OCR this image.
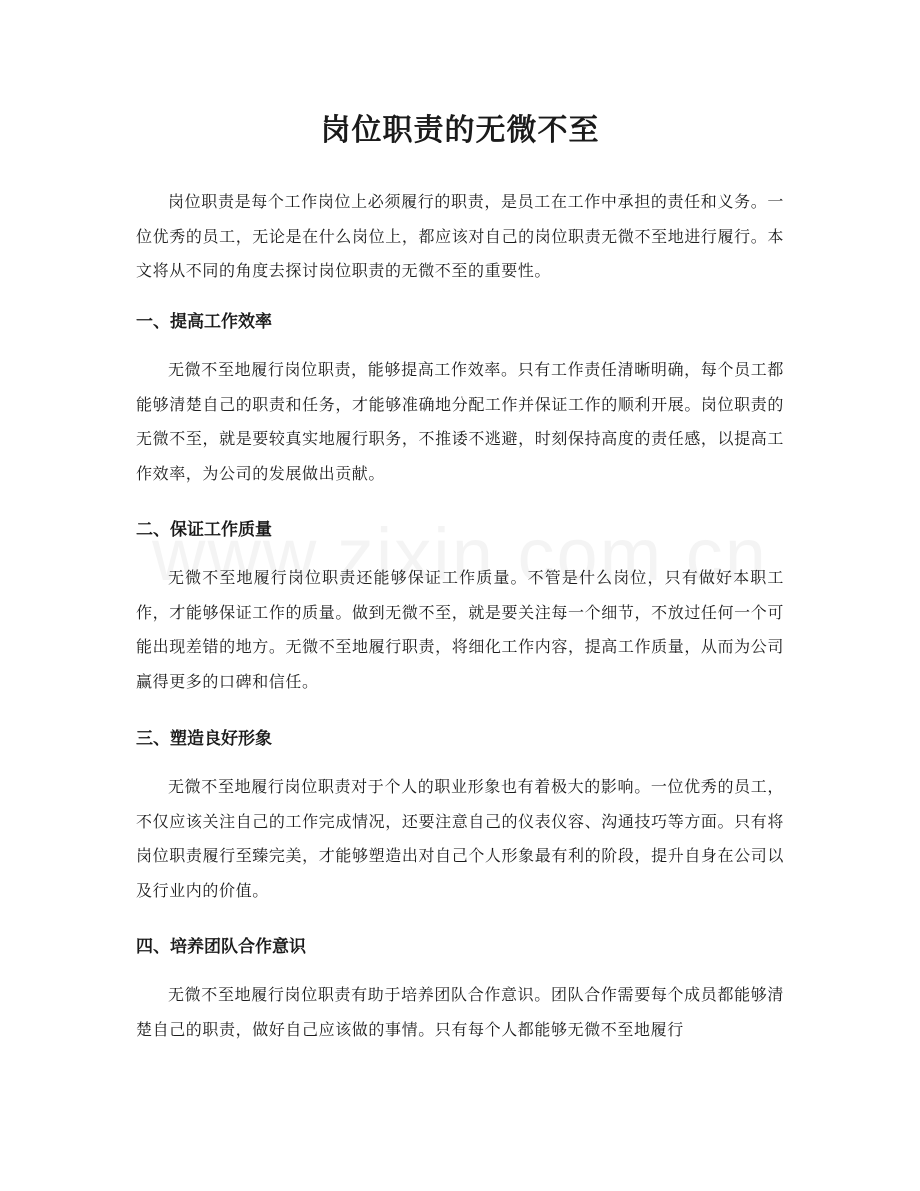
岗位职责的无微不至

岗位职责是每个工作岗位上必须履行的职责，是员工在工作中承担的责任和义务。一位优秀的员工，无论是在什么岗位上，都应该对自己的岗位职责无微不至地进行履行。本文将从不同的角度去探讨岗位职责的无微不至的重要性。

一、提高工作效率

无微不至地履行岗位职责，能够提高工作效率。只有工作责任清晰明确，每个员工都能够清楚自己的职责和任务，才能够准确地分配工作并保证工作的顺利开展。岗位职责的无微不至，就是要较真实地履行职务，不推诿不逃避，时刻保持高度的责任感，以提高工作效率，为公司的发展做出贡献。

二、保证工作质量

无微不至地履行岗位职责还能够保证工作质量。不管是什么岗位，只有做好本职工作，才能够保证工作的质量。做到无微不至，就是要关注每一个细节，不放过任何一个可能出现差错的地方。无微不至地履行职责，将细化工作内容，提高工作质量，从而为公司赢得更多的口碑和信任。

三、塑造良好形象

无微不至地履行岗位职责对于个人的职业形象也有着极大的影响。一位优秀的员工，不仅应该关注自己的工作完成情况，还要注意自己的仪表仪容、沟通技巧等方面。只有将岗位职责履行至臻完美，才能够塑造出对自己个人形象最有利的阶段，提升自身在公司以及行业内的价值。

四、培养团队合作意识

无微不至地履行岗位职责有助于培养团队合作意识。团队合作需要每个成员都能够清楚自己的职责，做好自己应该做的事情。只有每个人都能够无微不至地履行
